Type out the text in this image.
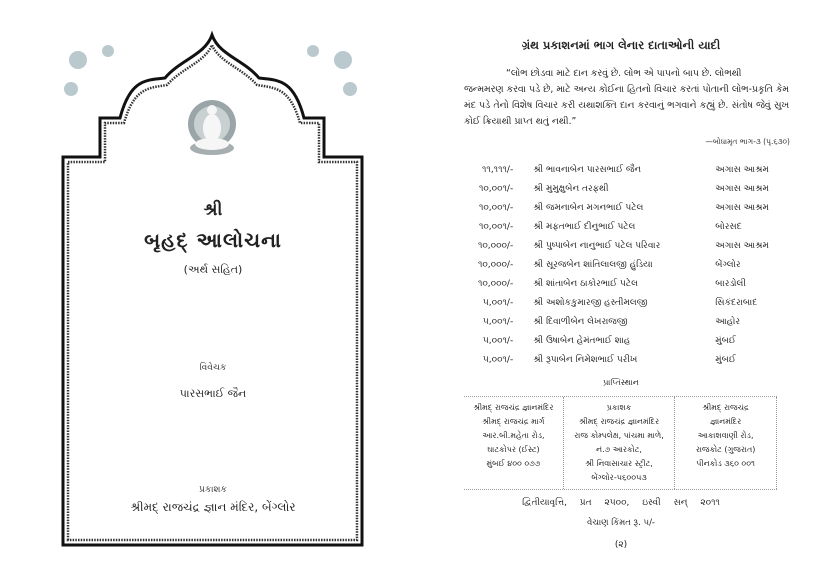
શ્રી
બૃહદ્ આલોચના
(અર્થ સહિત)
વિવેચક
પારસભાઈ જૈન
પ્રકાશક
શ્રીમદ્ રાજચંદ્ર જ્ઞાન મંદિર, બેંગ્લોર
ગ્રંથ પ્રકાશનમાં ભાગ લેનાર દાતાઓની યાદી
“લોભ છોડવા માટે દાન કરવું છે. લોભ એ પાપનો બાપ છે. લોભથી
જન્મમરણ કરવા પડે છે, માટે અન્ય કોઈના હિતનો વિચાર કરતાં પોતાની લોભ-પ્રકૃતિ કેમ મંદ પડે તેનો વિશેષ વિચાર કરી યથાશક્તિ દાન કરવાનું ભગવાને કહ્યું છે. સંતોષ જેવું સુખ કોઈ ક્રિયાથી પ્રાપ્ત થતું નથી.”
—બોધામૃત ભાગ-૩ (પૃ.૬૩૦)
૧૧,૧૧૧/-	શ્રી ભાવનાબેન પારસભાઈ જૈન	અગાસ આશ્રમ
૧૦,૦૦૧/-	શ્રી મુમુક્ષુબેન તરફથી	અગાસ આશ્રમ
૧૦,૦૦૧/-	શ્રી જમનાબેન મગનભાઈ પટેલ	અગાસ આશ્રમ
૧૦,૦૦૧/-	શ્રી મફતભાઈ દીનુભાઈ પટેલ	બોરસદ
૧૦,૦૦૦/-	શ્રી પુષ્પાબેન નાનુભાઈ પટેલ પરિવાર	અગાસ આશ્રમ
૧૦,૦૦૦/-	શ્રી સૂરજબેન શાંતિલાલજી હુંડિયા	બેંગ્લોર
૧૦,૦૦૦/-	શ્રી શાંતાબેન ઠાકોરભાઈ પટેલ	બારડોલી
૫,૦૦૧/-	શ્રી અશોકકુમારજી હસ્તીમલજી	સિકંદરાબાદ
૫,૦૦૧/-	શ્રી દિવાળીબેન લેખરાજજી	આહોર
૫,૦૦૧/-	શ્રી ઉષાબેન હેમંતભાઈ શાહ	મુંબઈ
૫,૦૦૧/-	શ્રી રૂપાબેન નિમેશભાઈ પરીખ	મુંબઈ
પ્રાપ્તિસ્થાન
શ્રીમદ્ રાજચંદ્ર જ્ઞાનમંદિર
શ્રીમદ્ રાજચંદ્ર માર્ગ
આર.બી.મહેતા રોડ,
ઘાટકોપર (ઈસ્ટ)
મુંબઈ ૪૦૦ ૦૭૭
પ્રકાશક
શ્રીમદ્ રાજચંદ્ર જ્ઞાનમંદિર
રાજ કોમ્પલેક્ષ, પાંચમા માળે,
નં.૭ આરકોટ,
શ્રી નિવાસાચાર સ્ટ્રીટ,
બેંગ્લોર-૫૬૦૦૫૩
શ્રીમદ્ રાજચંદ્ર
જ્ઞાનમંદિર
આકાશવાણી રોડ,
રાજકોટ (ગુજરાત)
પીનકોડ ૩૬૦ ૦૦૧
દ્વિતીયાવૃત્તિ, પ્રત ૨૫૦૦, ઇસ્વી સન્ ૨૦૧૧
વેચાણ કિંમત રૂ. ૫/-
(૨)
